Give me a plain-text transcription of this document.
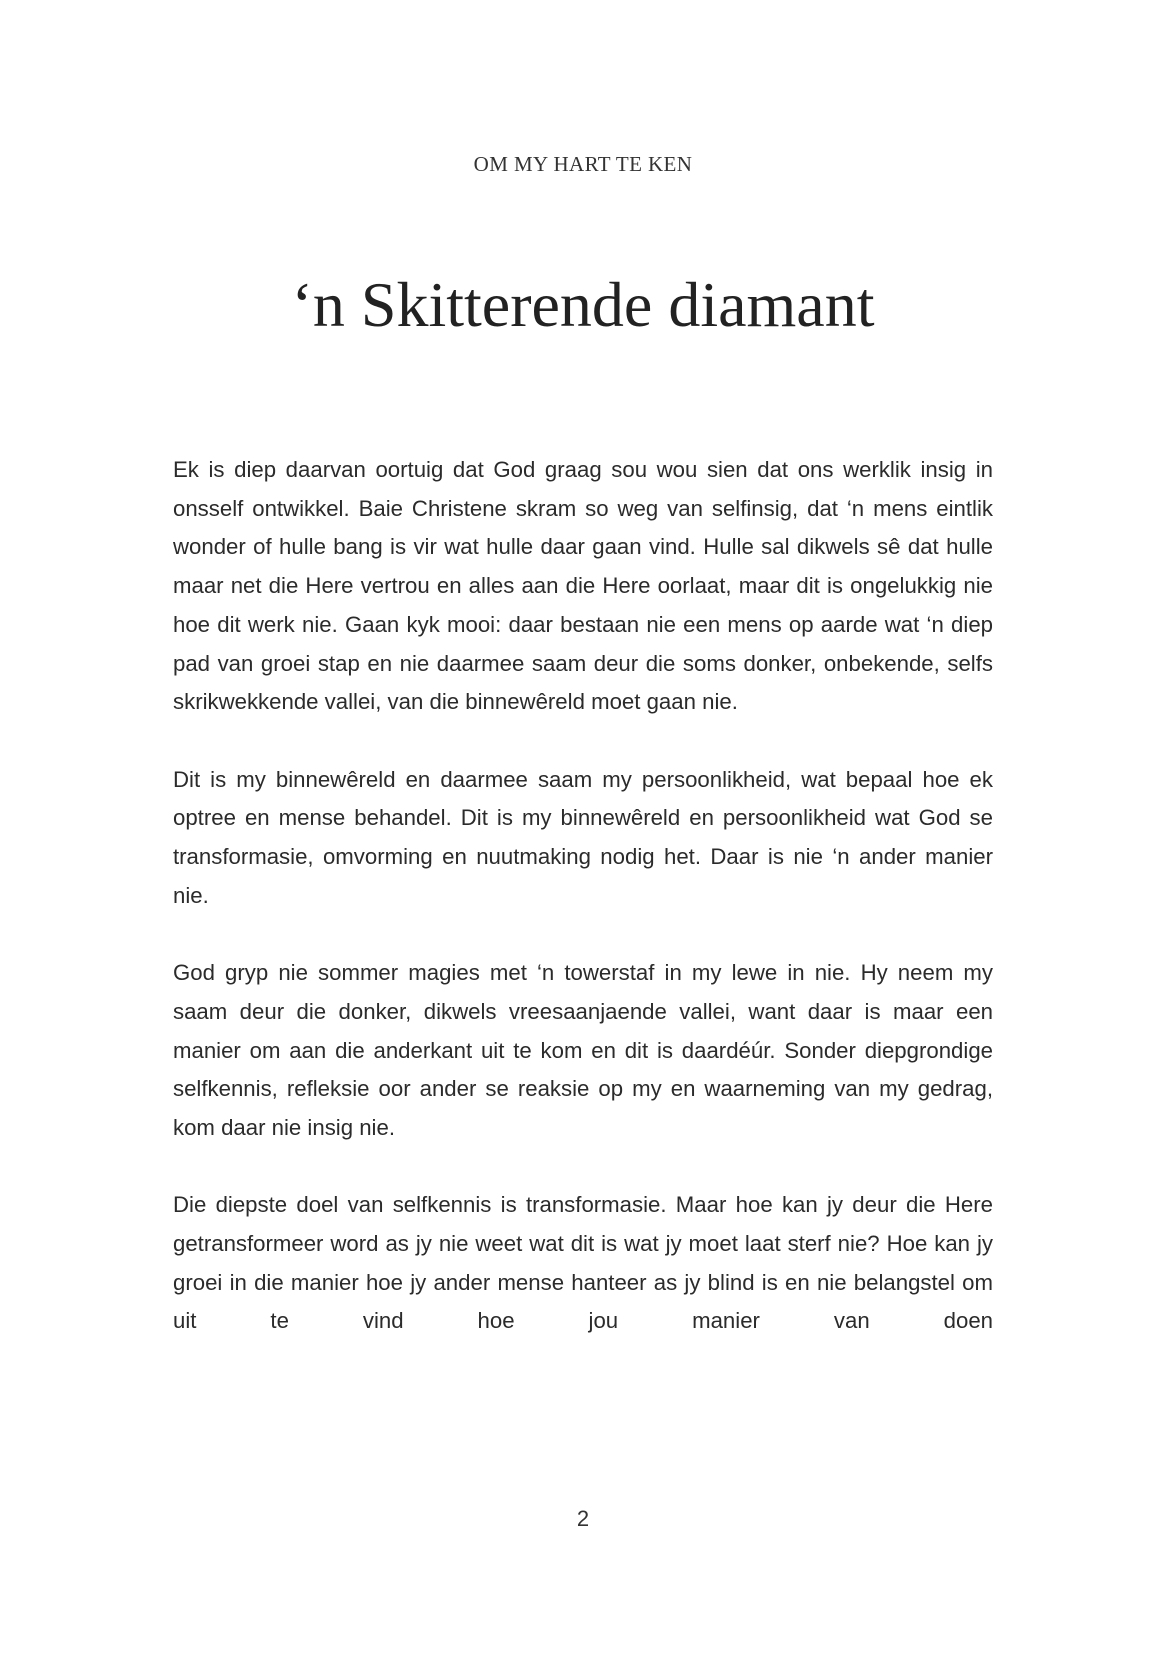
OM MY HART TE KEN
‘n Skitterende diamant

Ek is diep daarvan oortuig dat God graag sou wou sien dat ons werklik insig in onsself ontwikkel. Baie Christene skram so weg van selfinsig, dat ‘n mens eintlik wonder of hulle bang is vir wat hulle daar gaan vind. Hulle sal dikwels sê dat hulle maar net die Here vertrou en alles aan die Here oorlaat, maar dit is ongelukkig nie hoe dit werk nie. Gaan kyk mooi: daar bestaan nie een mens op aarde wat ‘n diep pad van groei stap en nie daarmee saam deur die soms donker, onbekende, selfs skrikwekkende vallei, van die binnewêreld moet gaan nie.

Dit is my binnewêreld en daarmee saam my persoonlikheid, wat bepaal hoe ek optree en mense behandel. Dit is my binnewêreld en persoonlikheid wat God se transformasie, omvorming en nuutmaking nodig het. Daar is nie ‘n ander manier nie.

God gryp nie sommer magies met ‘n towerstaf in my lewe in nie. Hy neem my saam deur die donker, dikwels vreesaanjaende vallei, want daar is maar een manier om aan die anderkant uit te kom en dit is daardéúr. Sonder diepgrondige selfkennis, refleksie oor ander se reaksie op my en waarneming van my gedrag, kom daar nie insig nie.

Die diepste doel van selfkennis is transformasie. Maar hoe kan jy deur die Here getransformeer word as jy nie weet wat dit is wat jy moet laat sterf nie? Hoe kan jy groei in die manier hoe jy ander mense hanteer as jy blind is en nie belangstel om uit te vind hoe jou manier van doen

2
